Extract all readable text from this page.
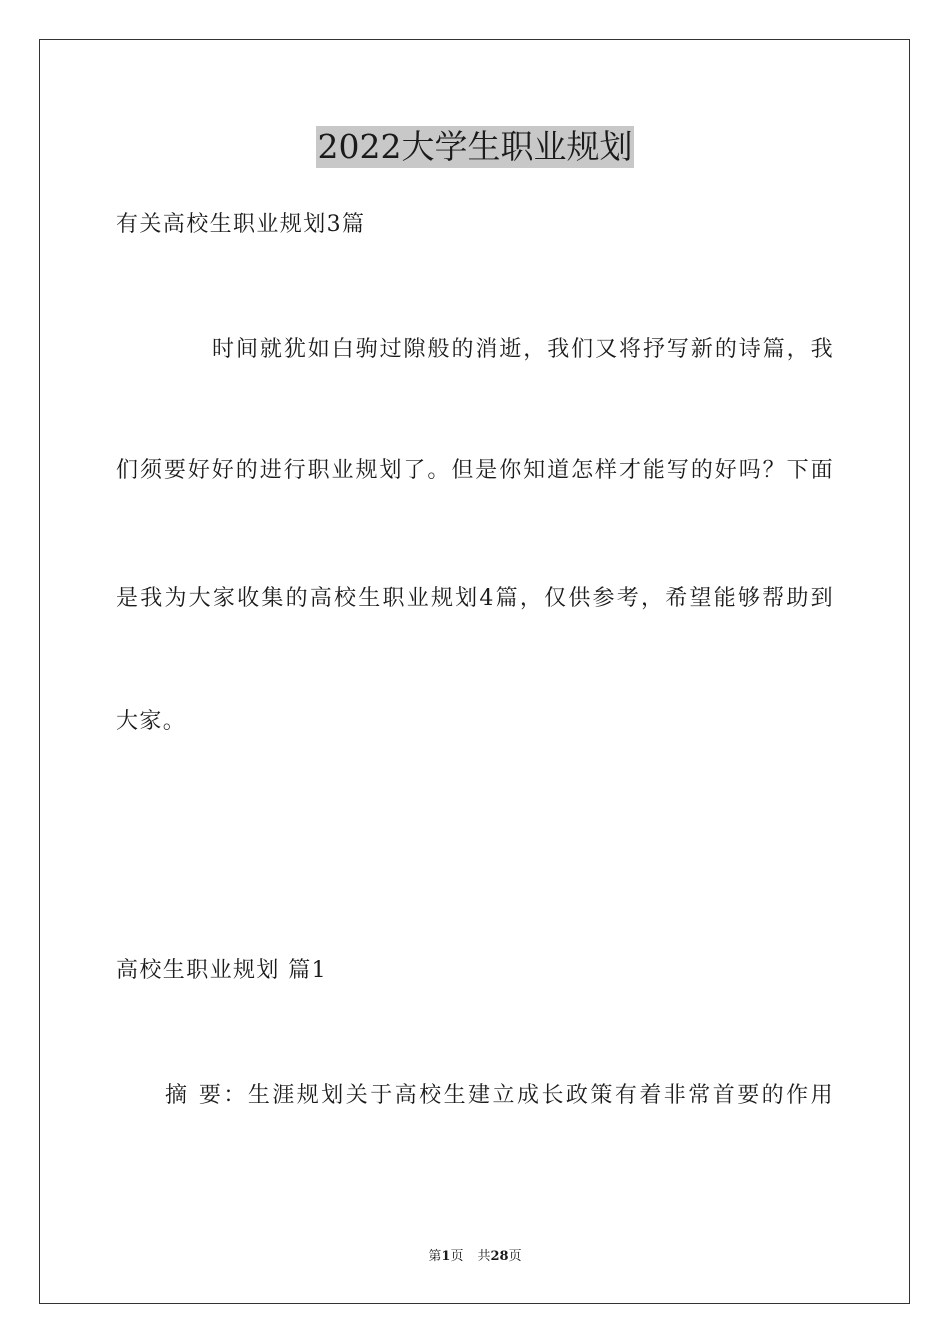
2022大学生职业规划
有关高校生职业规划3篇
时间就犹如白驹过隙般的消逝，我们又将抒写新的诗篇，我
们须要好好的进行职业规划了。但是你知道怎样才能写的好吗？下面
是我为大家收集的高校生职业规划4篇，仅供参考，希望能够帮助到
大家。
高校生职业规划 篇1
摘 要：生涯规划关于高校生建立成长政策有着非常首要的作用
第1页 共28页
